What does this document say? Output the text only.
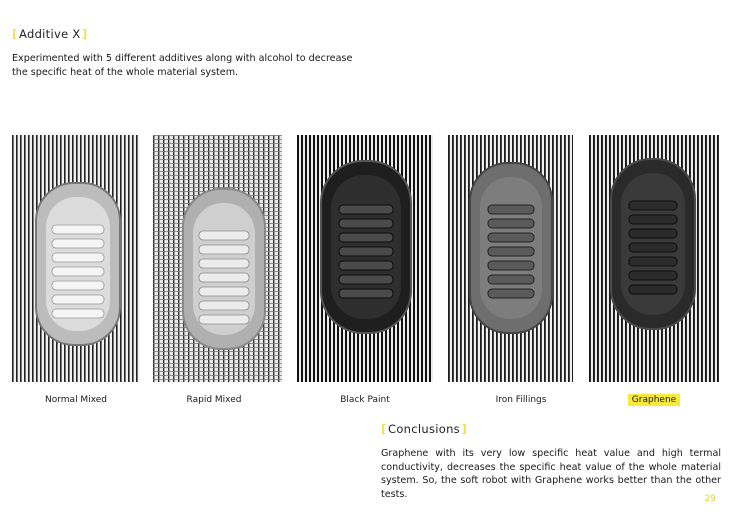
[ Additive X ]
Experimented with 5 different additives along with alcohol to decrease the specific heat of the whole material system.
Normal Mixed	Rapid Mixed	Black Paint	Iron Fillings	Graphene
[ Conclusions ]
Graphene with its very low specific heat value and high termal conductivity, decreases the specific heat value of the whole material system. So, the soft robot with Graphene works better than the other tests.	29
